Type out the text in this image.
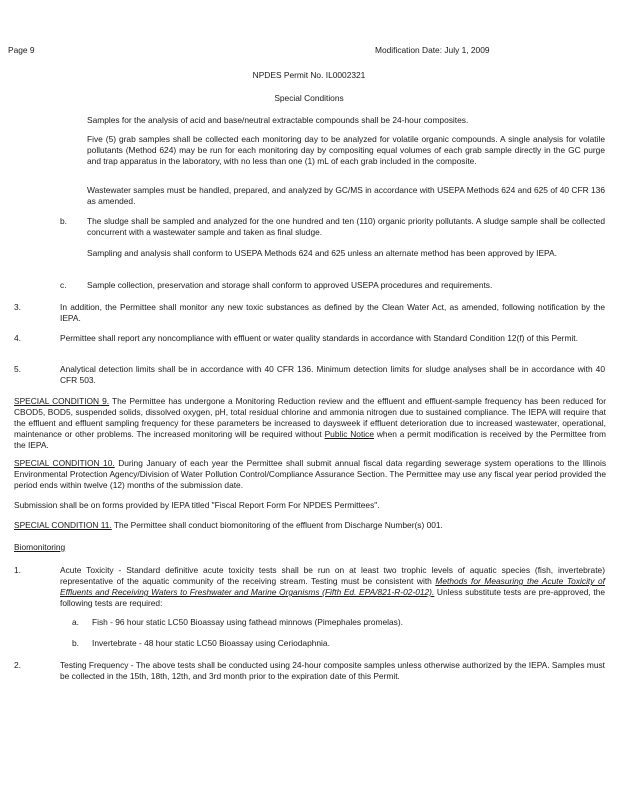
Page 9	Modification Date: July 1, 2009
NPDES Permit No. IL0002321
Special Conditions
Samples for the analysis of acid and base/neutral extractable compounds shall be 24-hour composites.
Five (5) grab samples shall be collected each monitoring day to be analyzed for volatile organic compounds. A single analysis for volatile pollutants (Method 624) may be run for each monitoring day by compositing equal volumes of each grab sample directly in the GC purge and trap apparatus in the laboratory, with no less than one (1) mL of each grab included in the composite.
Wastewater samples must be handled, prepared, and analyzed by GC/MS in accordance with USEPA Methods 624 and 625 of 40 CFR 136 as amended.
b. The sludge shall be sampled and analyzed for the one hundred and ten (110) organic priority pollutants. A sludge sample shall be collected concurrent with a wastewater sample and taken as final sludge.
Sampling and analysis shall conform to USEPA Methods 624 and 625 unless an alternate method has been approved by IEPA.
c. Sample collection, preservation and storage shall conform to approved USEPA procedures and requirements.
3.	In addition, the Permittee shall monitor any new toxic substances as defined by the Clean Water Act, as amended, following notification by the IEPA.
4.	Permittee shall report any noncompliance with effluent or water quality standards in accordance with Standard Condition 12(f) of this Permit.
5.	Analytical detection limits shall be in accordance with 40 CFR 136. Minimum detection limits for sludge analyses shall be in accordance with 40 CFR 503.
SPECIAL CONDITION 9. The Permittee has undergone a Monitoring Reduction review and the effluent and effluent-sample frequency has been reduced for CBOD5, BOD5, suspended solids, dissolved oxygen, pH, total residual chlorine and ammonia nitrogen due to sustained compliance. The IEPA will require that the effluent and effluent sampling frequency for these parameters be increased to daysweek if effluent deterioration due to increased wastewater, operational, maintenance or other problems. The increased monitoring will be required without Public Notice when a permit modification is received by the Permittee from the IEPA.
SPECIAL CONDITION 10. During January of each year the Permittee shall submit annual fiscal data regarding sewerage system operations to the Illinois Environmental Protection Agency/Division of Water Pollution Control/Compliance Assurance Section. The Permittee may use any fiscal year period provided the period ends within twelve (12) months of the submission date.
Submission shall be on forms provided by IEPA titled "Fiscal Report Form For NPDES Permittees".
SPECIAL CONDITION 11. The Permittee shall conduct biomonitoring of the effluent from Discharge Number(s) 001.
Biomonitoring
1.	Acute Toxicity - Standard definitive acute toxicity tests shall be run on at least two trophic levels of aquatic species (fish, invertebrate) representative of the aquatic community of the receiving stream. Testing must be consistent with Methods for Measuring the Acute Toxicity of Effluents and Receiving Waters to Freshwater and Marine Organisms (Fifth Ed. EPA/821-R-02-012). Unless substitute tests are pre-approved, the following tests are required:
a. Fish - 96 hour static LC50 Bioassay using fathead minnows (Pimephales promelas).
b. Invertebrate - 48 hour static LC50 Bioassay using Ceriodaphnia.
2.	Testing Frequency - The above tests shall be conducted using 24-hour composite samples unless otherwise authorized by the IEPA. Samples must be collected in the 15th, 18th, 12th, and 3rd month prior to the expiration date of this Permit.
